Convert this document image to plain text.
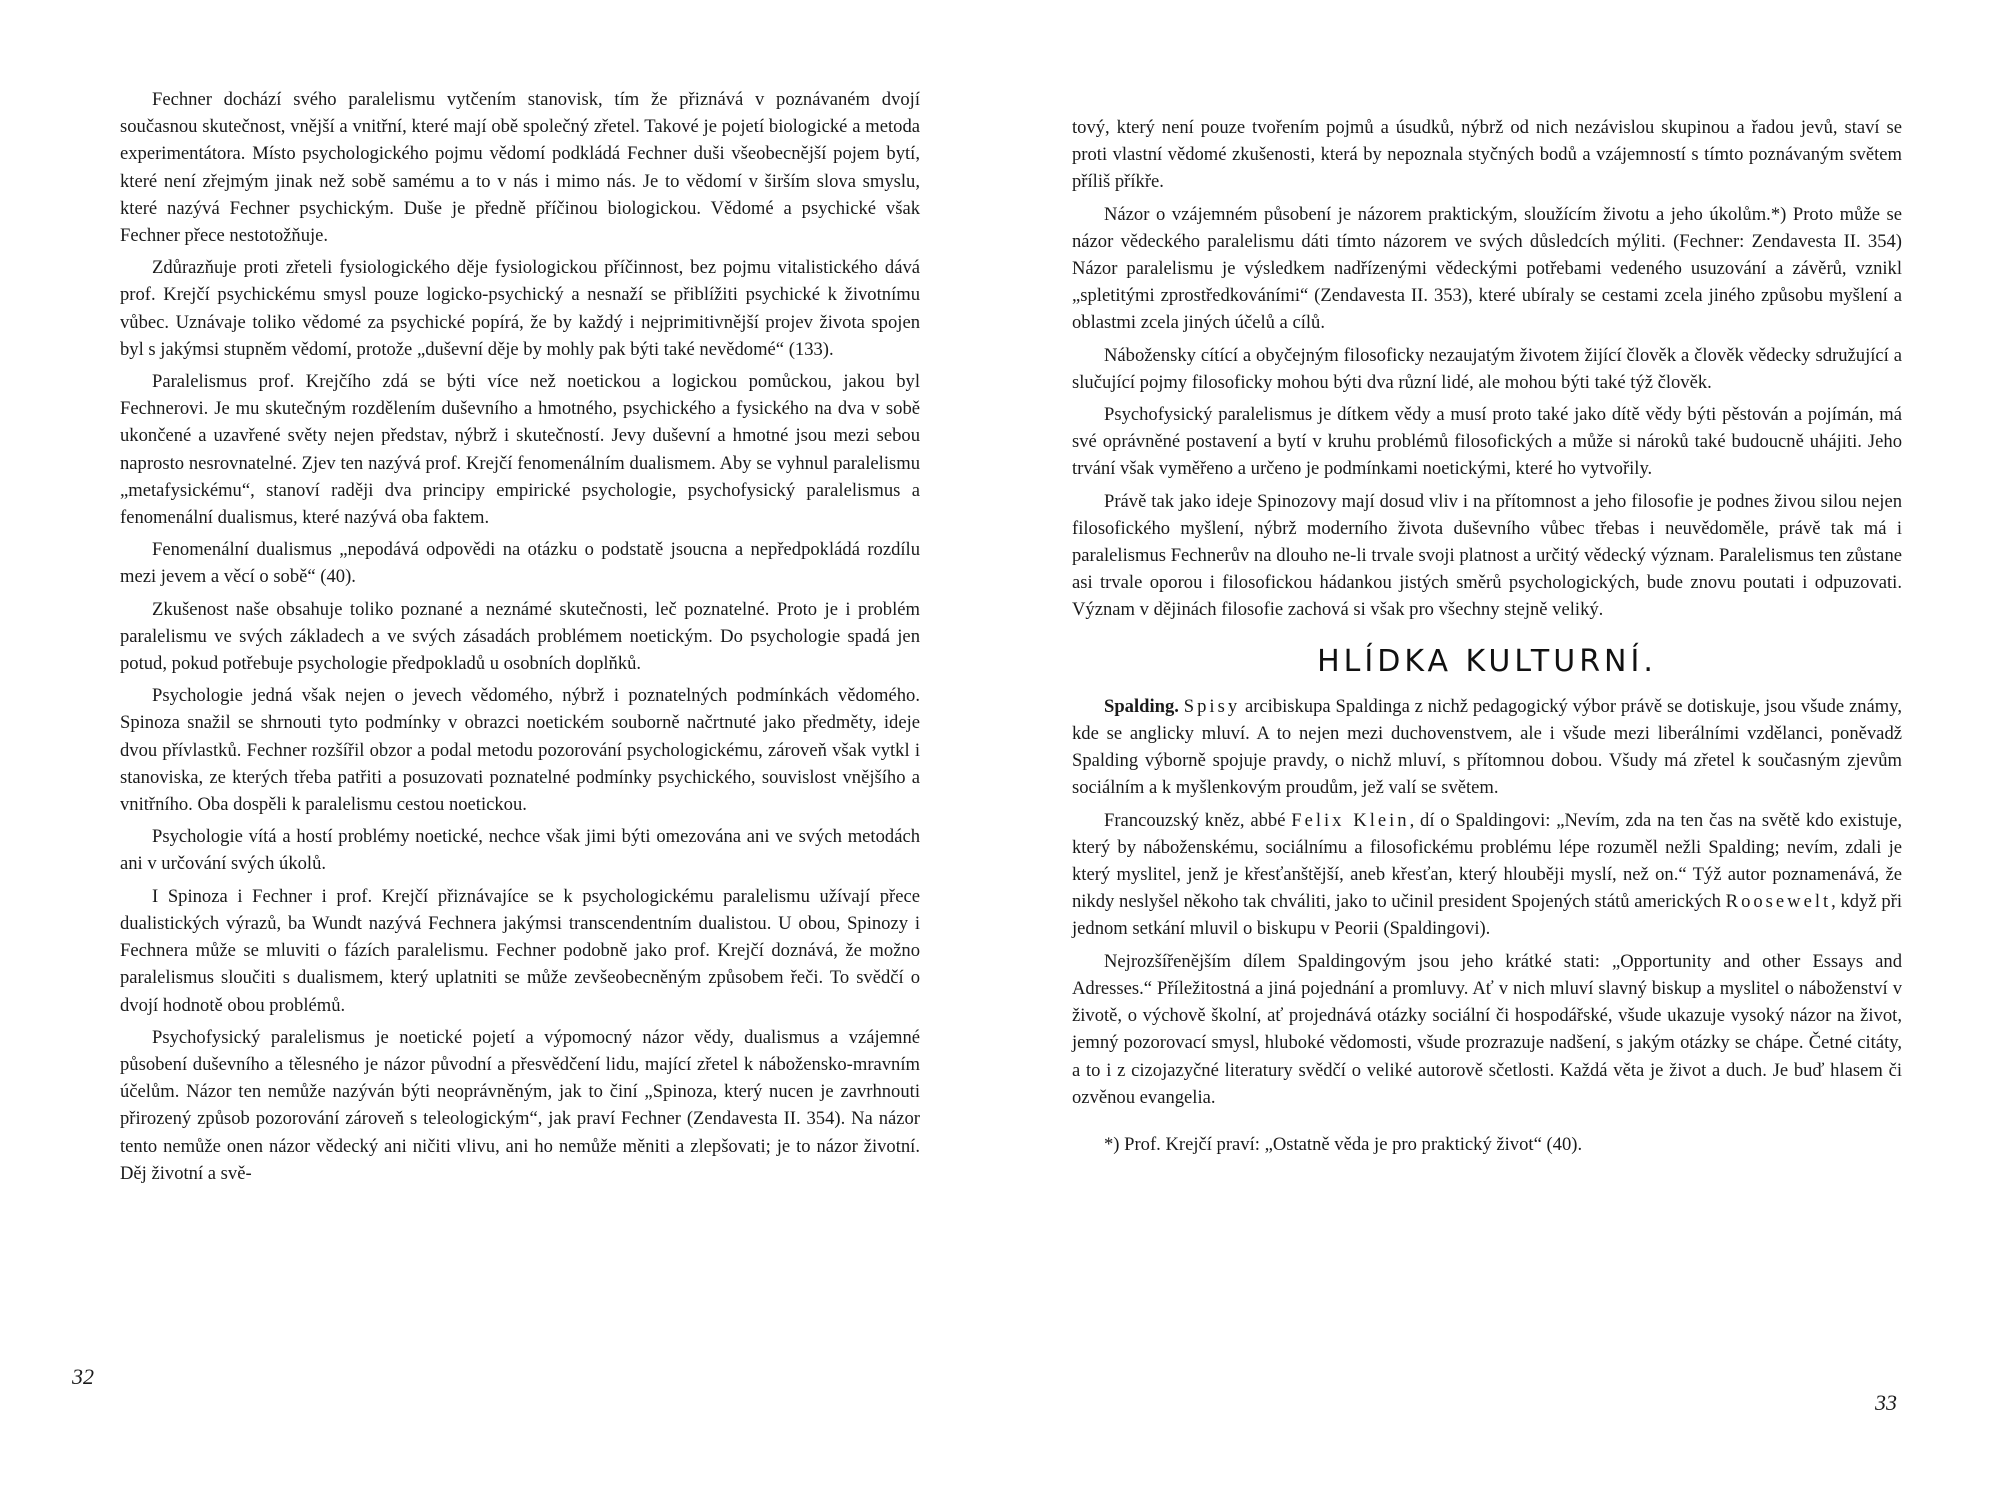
Fechner dochází svého paralelismu vytčením stanovisk, tím že přiznává v poznávaném dvojí současnou skutečnost, vnější a vnitřní, které mají obě společný zřetel. Takové je pojetí biologické a metoda experimentátora. Místo psychologického pojmu vědomí podkládá Fechner duši všeobecnější pojem bytí, které není zřejmým jinak než sobě samému a to v nás i mimo nás. Je to vědomí v širším slova smyslu, které nazývá Fechner psychickým. Duše je předně příčinou biologickou. Vědomé a psychické však Fechner přece nestotožňuje.

Zdůrazňuje proti zřeteli fysiologického děje fysiologickou příčinnost, bez pojmu vitalistického dává prof. Krejčí psychickému smysl pouze logicko-psychický a nesnaží se přiblížiti psychické k životnímu vůbec. Uznávaje toliko vědomé za psychické popírá, že by každý i nejprimitivnější projev života spojen byl s jakýmsi stupněm vědomí, protože „duševní děje by mohly pak býti také nevědomé“ (133).

Paralelismus prof. Krejčího zdá se býti více než noetickou a logickou pomůckou, jakou byl Fechnerovi. Je mu skutečným rozdělením duševního a hmotného, psychického a fysického na dva v sobě ukončené a uzavřené světy nejen představ, nýbrž i skutečností. Jevy duševní a hmotné jsou mezi sebou naprosto nesrovnatelné. Zjev ten nazývá prof. Krejčí fenomenálním dualismem. Aby se vyhnul paralelismu „metafysickému“, stanoví raději dva principy empirické psychologie, psychofysický paralelismus a fenomenální dualismus, které nazývá oba faktem.

Fenomenální dualismus „nepodává odpovědi na otázku o podstatě jsoucna a nepředpokládá rozdílu mezi jevem a věcí o sobě“ (40).

Zkušenost naše obsahuje toliko poznané a neznámé skutečnosti, leč poznatelné. Proto je i problém paralelismu ve svých základech a ve svých zásadách problémem noetickým. Do psychologie spadá jen potud, pokud potřebuje psychologie předpokladů u osobních doplňků.

Psychologie jedná však nejen o jevech vědomého, nýbrž i poznatelných podmínkách vědomého. Spinoza snažil se shrnouti tyto podmínky v obrazci noetickém souborně načrtnuté jako předměty, ideje dvou přívlastků. Fechner rozšířil obzor a podal metodu pozorování psychologickému, zároveň však vytkl i stanoviska, ze kterých třeba patřiti a posuzovati poznatelné podmínky psychického, souvislost vnějšího a vnitřního. Oba dospěli k paralelismu cestou noetickou.

Psychologie vítá a hostí problémy noetické, nechce však jimi býti omezována ani ve svých metodách ani v určování svých úkolů.

I Spinoza i Fechner i prof. Krejčí přiznávajíce se k psychologickému paralelismu užívají přece dualistických výrazů, ba Wundt nazývá Fechnera jakýmsi transcendentním dualistou. U obou, Spinozy i Fechnera může se mluviti o fázích paralelismu. Fechner podobně jako prof. Krejčí doznává, že možno paralelismus sloučiti s dualismem, který uplatniti se může zevšeobecněným způsobem řeči. To svědčí o dvojí hodnotě obou problémů.

Psychofysický paralelismus je noetické pojetí a výpomocný názor vědy, dualismus a vzájemné působení duševního a tělesného je názor původní a přesvědčení lidu, mající zřetel k nábožensko-mravním účelům. Názor ten nemůže nazýván býti neoprávněným, jak to činí „Spinoza, který nucen je zavrhnouti přirozený způsob pozorování zároveň s teleologickým“, jak praví Fechner (Zendavesta II. 354). Na názor tento nemůže onen názor vědecký ani ničiti vlivu, ani ho nemůže měniti a zlepšovati; je to názor životní. Děj životní a svě-

32

tový, který není pouze tvořením pojmů a úsudků, nýbrž od nich nezávislou skupinou a řadou jevů, staví se proti vlastní vědomé zkušenosti, která by nepoznala styčných bodů a vzájemností s tímto poznávaným světem příliš příkře.

Názor o vzájemném působení je názorem praktickým, sloužícím životu a jeho úkolům.*) Proto může se názor vědeckého paralelismu dáti tímto názorem ve svých důsledcích mýliti. (Fechner: Zendavesta II. 354) Názor paralelismu je výsledkem nadřízenými vědeckými potřebami vedeného usuzování a závěrů, vznikl „spletitými zprostředkováními“ (Zendavesta II. 353), které ubíraly se cestami zcela jiného způsobu myšlení a oblastmi zcela jiných účelů a cílů.

Nábožensky cítící a obyčejným filosoficky nezaujatým životem žijící člověk a člověk vědecky sdružující a slučující pojmy filosoficky mohou býti dva různí lidé, ale mohou býti také týž člověk.

Psychofysický paralelismus je dítkem vědy a musí proto také jako dítě vědy býti pěstován a pojímán, má své oprávněné postavení a bytí v kruhu problémů filosofických a může si nároků také budoucně uhájiti. Jeho trvání však vyměřeno a určeno je podmínkami noetickými, které ho vytvořily.

Právě tak jako ideje Spinozovy mají dosud vliv i na přítomnost a jeho filosofie je podnes živou silou nejen filosofického myšlení, nýbrž moderního života duševního vůbec třebas i neuvědoměle, právě tak má i paralelismus Fechnerův na dlouho ne-li trvale svoji platnost a určitý vědecký význam. Paralelismus ten zůstane asi trvale oporou i filosofickou hádankou jistých směrů psychologických, bude znovu poutati i odpuzovati. Význam v dějinách filosofie zachová si však pro všechny stejně veliký.

HLÍDKA KULTURNÍ.

Spalding. Spisy arcibiskupa Spaldinga z nichž pedagogický výbor právě se dotiskuje, jsou všude známy, kde se anglicky mluví. A to nejen mezi duchovenstvem, ale i všude mezi liberálními vzdělanci, poněvadž Spalding výborně spojuje pravdy, o nichž mluví, s přítomnou dobou. Všudy má zřetel k současným zjevům sociálním a k myšlenkovým proudům, jež valí se světem.

Francouzský kněz, abbé Felix Klein, dí o Spaldingovi: „Nevím, zda na ten čas na světě kdo existuje, který by náboženskému, sociálnímu a filosofickému problému lépe rozuměl nežli Spalding; nevím, zdali je který myslitel, jenž je křesťanštější, aneb křesťan, který hlouběji myslí, než on.“ Týž autor poznamenává, že nikdy neslyšel někoho tak chváliti, jako to učinil president Spojených států amerických Roosewelt, když při jednom setkání mluvil o biskupu v Peorii (Spaldingovi).

Nejrozšířenějším dílem Spaldingovým jsou jeho krátké stati: „Opportunity and other Essays and Adresses.“ Příležitostná a jiná pojednání a promluvy. Ať v nich mluví slavný biskup a myslitel o náboženství v životě, o výchově školní, ať projednává otázky sociální či hospodářské, všude ukazuje vysoký názor na život, jemný pozorovací smysl, hluboké vědomosti, všude prozrazuje nadšení, s jakým otázky se chápe. Četné citáty, a to i z cizojazyčné literatury svědčí o veliké autorově sčetlosti. Každá věta je život a duch. Je buď hlasem či ozvěnou evangelia.

*) Prof. Krejčí praví: „Ostatně věda je pro praktický život“ (40).

33
